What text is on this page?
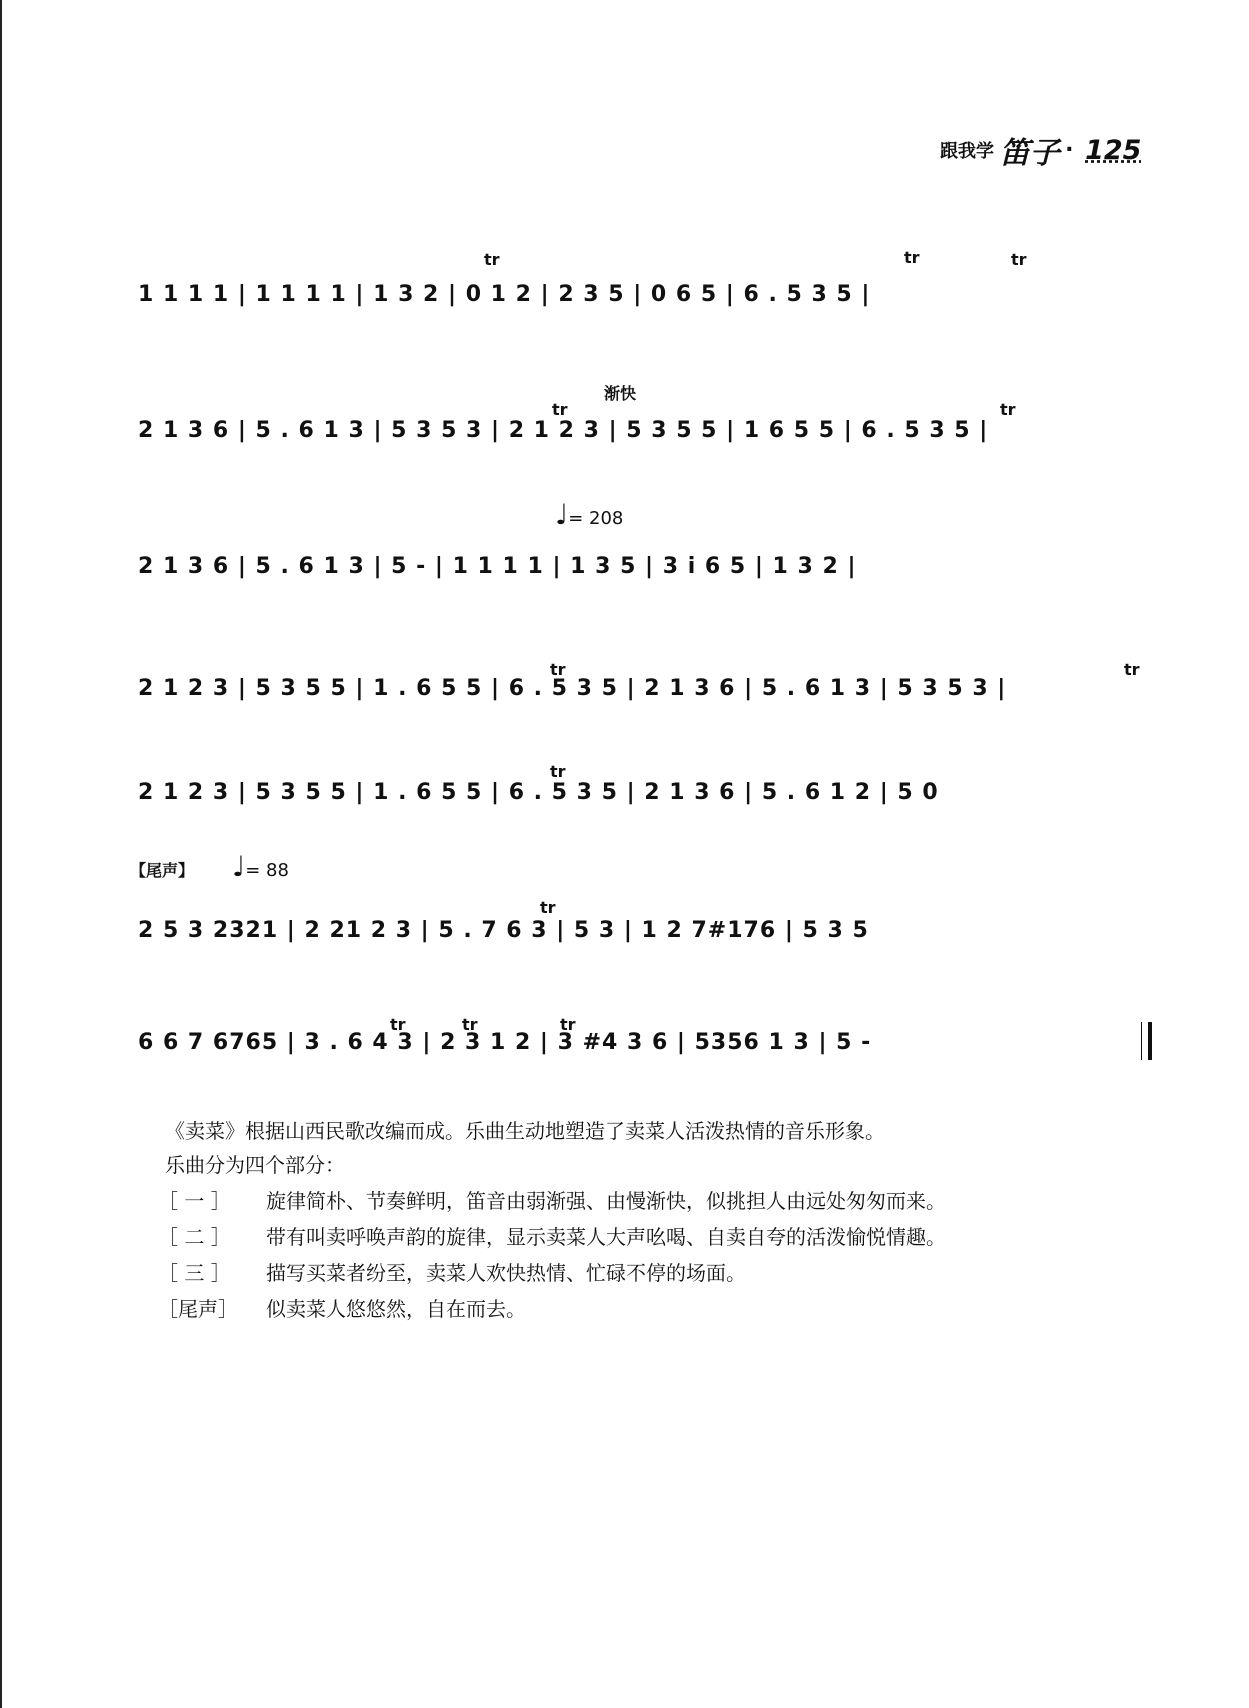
跟我学 笛子 · 125
tr	tr	tr
1 1 1 1 | 1 1 1 1 | 1 3 2 | 0 1 2 | 2 3 5 | 0 6 5 | 6 . 5 3 5 |
渐快
tr	tr
2 1 3 6 | 5 . 6 1 3 | 5 3 5 3 | 2 1 2 3 | 5 3 5 5 | 1 6 5 5 | 6 . 5 3 5 |
♩= 208
2 1 3 6 | 5 . 6 1 3 | 5 - | 1 1 1 1 | 1 3 5 | 3 i 6 5 | 1 3 2 |
tr	tr
2 1 2 3 | 5 3 5 5 | 1 . 6 5 5 | 6 . 5 3 5 | 2 1 3 6 | 5 . 6 1 3 | 5 3 5 3 |
tr
2 1 2 3 | 5 3 5 5 | 1 . 6 5 5 | 6 . 5 3 5 | 2 1 3 6 | 5 . 6 1 2 | 5 0
【尾声】 ♩= 88
tr
2 5 3 2321 | 2 21 2 3 | 5 . 7 6 3 | 5 3 | 1 2 7#176 | 5 3 5
tr	tr	tr
6 6 7 6765 | 3 . 6 4 3 | 2 3 1 2 | 3 #4 3 6 | 5356 1 3 | 5 -
《卖菜》根据山西民歌改编而成。乐曲生动地塑造了卖菜人活泼热情的音乐形象。
乐曲分为四个部分：
［ 一 ］ 旋律简朴、节奏鲜明，笛音由弱渐强、由慢渐快，似挑担人由远处匆匆而来。
［ 二 ］ 带有叫卖呼唤声韵的旋律，显示卖菜人大声吆喝、自卖自夸的活泼愉悦情趣。
［ 三 ］ 描写买菜者纷至，卖菜人欢快热情、忙碌不停的场面。
［尾声］ 似卖菜人悠悠然，自在而去。
